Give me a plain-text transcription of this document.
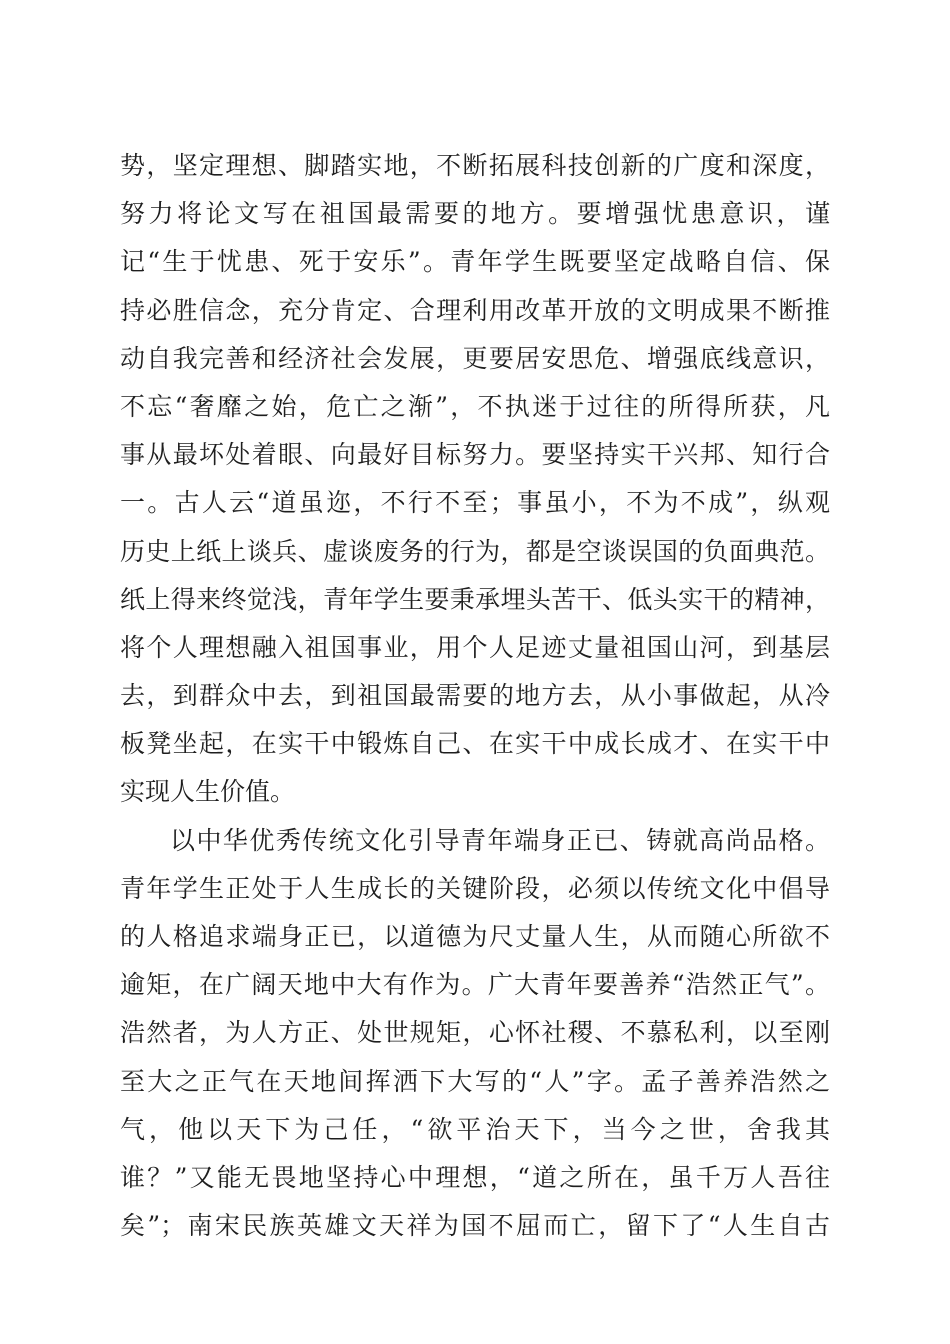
势，坚定理想、脚踏实地，不断拓展科技创新的广度和深度，
努力将论文写在祖国最需要的地方。要增强忧患意识，谨
记“生于忧患、死于安乐”。青年学生既要坚定战略自信、保
持必胜信念，充分肯定、合理利用改革开放的文明成果不断推
动自我完善和经济社会发展，更要居安思危、增强底线意识，
不忘“奢靡之始，危亡之渐”，不执迷于过往的所得所获，凡
事从最坏处着眼、向最好目标努力。要坚持实干兴邦、知行合
一。古人云“道虽迩，不行不至；事虽小，不为不成”，纵观
历史上纸上谈兵、虚谈废务的行为，都是空谈误国的负面典范。
纸上得来终觉浅，青年学生要秉承埋头苦干、低头实干的精神，
将个人理想融入祖国事业，用个人足迹丈量祖国山河，到基层
去，到群众中去，到祖国最需要的地方去，从小事做起，从冷
板凳坐起，在实干中锻炼自己、在实干中成长成才、在实干中
实现人生价值。
以中华优秀传统文化引导青年端身正已、铸就高尚品格。
青年学生正处于人生成长的关键阶段，必须以传统文化中倡导
的人格追求端身正已，以道德为尺丈量人生，从而随心所欲不
逾矩，在广阔天地中大有作为。广大青年要善养“浩然正气”。
浩然者，为人方正、处世规矩，心怀社稷、不慕私利，以至刚
至大之正气在天地间挥洒下大写的“人”字。孟子善养浩然之
气，他以天下为己任，“欲平治天下，当今之世，舍我其
谁？”又能无畏地坚持心中理想，“道之所在，虽千万人吾往
矣”；南宋民族英雄文天祥为国不屈而亡，留下了“人生自古
